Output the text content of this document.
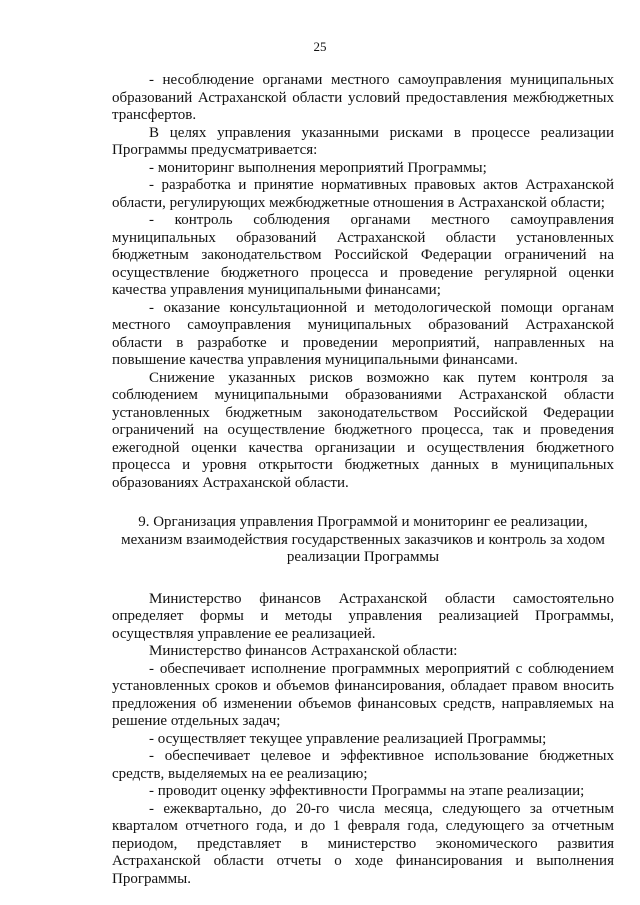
25

- несоблюдение органами местного самоуправления муниципальных образований Астраханской области условий предоставления межбюджетных трансфертов.

В целях управления указанными рисками в процессе реализации Программы предусматривается:

- мониторинг выполнения мероприятий Программы;

- разработка и принятие нормативных правовых актов Астраханской области, регулирующих межбюджетные отношения в Астраханской области;

- контроль соблюдения органами местного самоуправления муниципальных образований Астраханской области установленных бюджетным законодательством Российской Федерации ограничений на осуществление бюджетного процесса и проведение регулярной оценки качества управления муниципальными финансами;

- оказание консультационной и методологической помощи органам местного самоуправления муниципальных образований Астраханской области в разработке и проведении мероприятий, направленных на повышение качества управления муниципальными финансами.

Снижение указанных рисков возможно как путем контроля за соблюдением муниципальными образованиями Астраханской области установленных бюджетным законодательством Российской Федерации ограничений на осуществление бюджетного процесса, так и проведения ежегодной оценки качества организации и осуществления бюджетного процесса и уровня открытости бюджетных данных в муниципальных образованиях Астраханской области.

9. Организация управления Программой и мониторинг ее реализации,
механизм взаимодействия государственных заказчиков и контроль за ходом
реализации Программы

Министерство финансов Астраханской области самостоятельно определяет формы и методы управления реализацией Программы, осуществляя управление ее реализацией.

Министерство финансов Астраханской области:

- обеспечивает исполнение программных мероприятий с соблюдением установленных сроков и объемов финансирования, обладает правом вносить предложения об изменении объемов финансовых средств, направляемых на решение отдельных задач;

- осуществляет текущее управление реализацией Программы;

- обеспечивает целевое и эффективное использование бюджетных средств, выделяемых на ее реализацию;

- проводит оценку эффективности Программы на этапе реализации;

- ежеквартально, до 20-го числа месяца, следующего за отчетным кварталом отчетного года, и до 1 февраля года, следующего за отчетным периодом, представляет в министерство экономического развития Астраханской области отчеты о ходе финансирования и выполнения Программы.
